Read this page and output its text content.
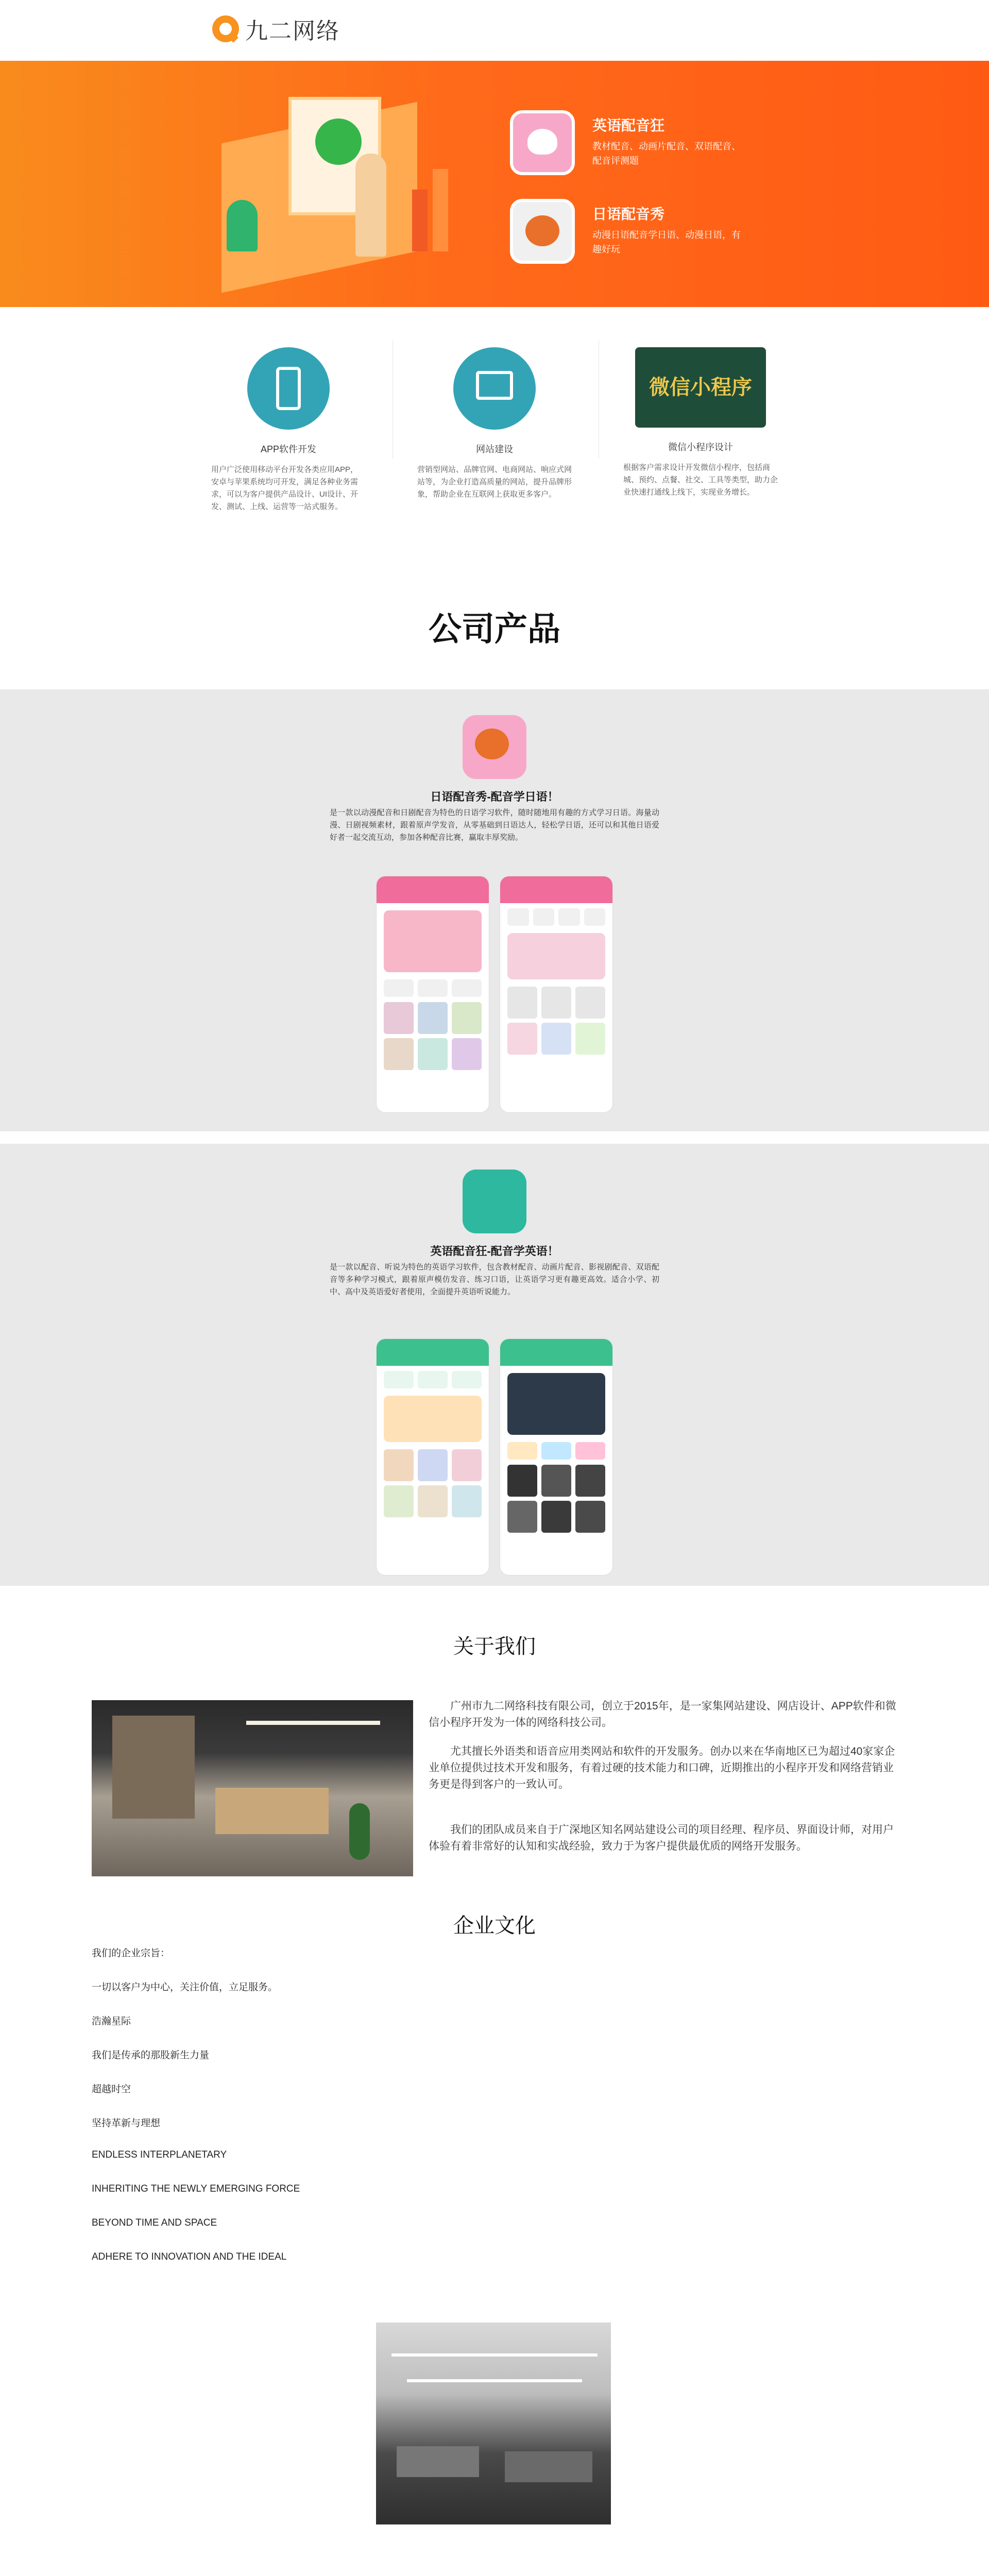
九二网络
英语配音狂
教材配音、动画片配音、双语配音、配音评测题
日语配音秀
动漫日语配音学日语、动漫日语，有趣好玩
APP软件开发
用户广泛使用移动平台开发各类应用APP，安卓与苹果系统均可开发，满足各种业务需求，可以为客户提供产品设计、UI设计、开发、测试、上线、运营等一站式服务。
网站建设
营销型网站、品牌官网、电商网站、响应式网站等，为企业打造高质量的网站，提升品牌形象，帮助企业在互联网上获取更多客户。
微信小程序
微信小程序设计
根据客户需求设计开发微信小程序，包括商城、预约、点餐、社交、工具等类型，助力企业快速打通线上线下，实现业务增长。
公司产品
日语配音秀-配音学日语！
是一款以动漫配音和日剧配音为特色的日语学习软件，随时随地用有趣的方式学习日语。海量动漫、日剧视频素材，跟着原声学发音，从零基础到日语达人，轻松学日语，还可以和其他日语爱好者一起交流互动，参加各种配音比赛，赢取丰厚奖励。
英语配音狂-配音学英语！
是一款以配音、听说为特色的英语学习软件，包含教材配音、动画片配音、影视剧配音、双语配音等多种学习模式，跟着原声模仿发音、练习口语，让英语学习更有趣更高效。适合小学、初中、高中及英语爱好者使用，全面提升英语听说能力。
关于我们
广州市九二网络科技有限公司，创立于2015年，是一家集网站建设、网店设计、APP软件和微信小程序开发为一体的网络科技公司。
尤其擅长外语类和语音应用类网站和软件的开发服务。创办以来在华南地区已为超过40家家企业单位提供过技术开发和服务，有着过硬的技术能力和口碑，近期推出的小程序开发和网络营销业务更是得到客户的一致认可。
我们的团队成员来自于广深地区知名网站建设公司的项目经理、程序员、界面设计师，对用户体验有着非常好的认知和实战经验，致力于为客户提供最优质的网络开发服务。
企业文化
我们的企业宗旨：
一切以客户为中心，关注价值，立足服务。
浩瀚星际
我们是传承的那股新生力量
超越时空
坚持革新与理想
ENDLESS INTERPLANETARY
INHERITING THE NEWLY EMERGING FORCE
BEYOND TIME AND SPACE
ADHERE TO INNOVATION AND THE IDEAL
